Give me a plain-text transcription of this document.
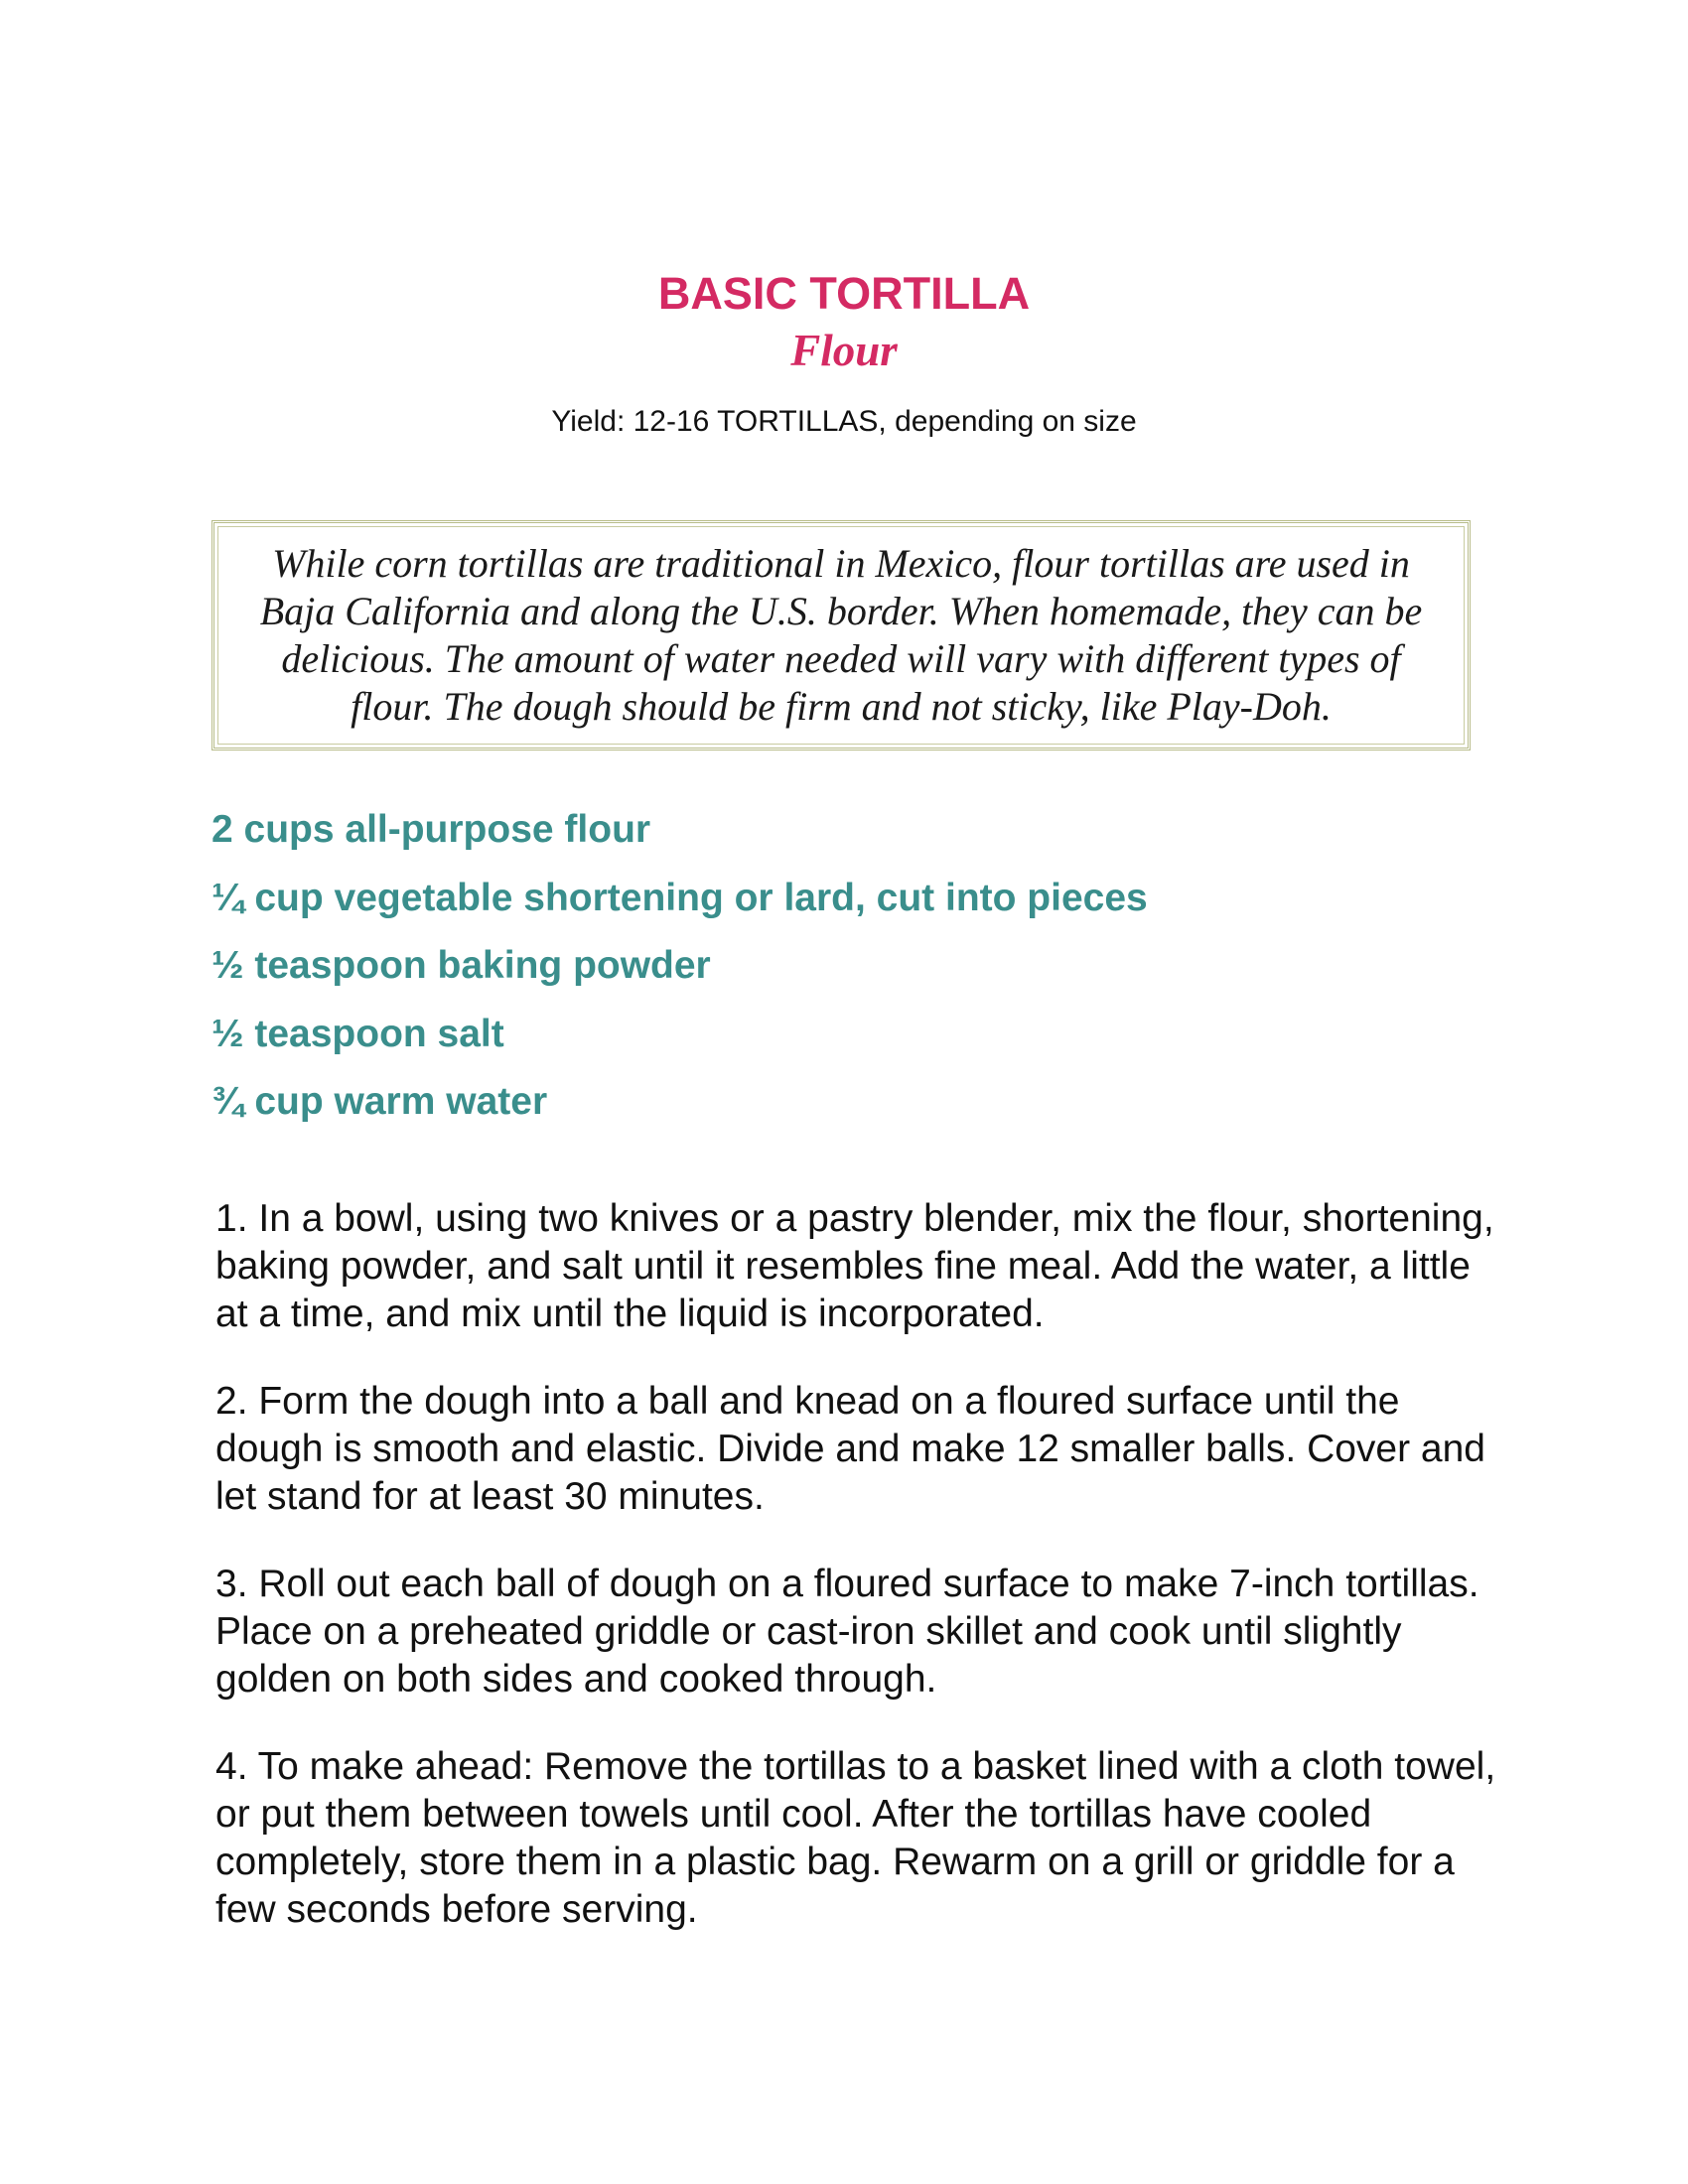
BASIC TORTILLA
Flour
Yield: 12-16 TORTILLAS, depending on size

While corn tortillas are traditional in Mexico, flour tortillas are used in Baja California and along the U.S. border. When homemade, they can be delicious. The amount of water needed will vary with different types of flour. The dough should be firm and not sticky, like Play-Doh.

2 cups all-purpose flour
¼ cup vegetable shortening or lard, cut into pieces
½ teaspoon baking powder
½ teaspoon salt
¾ cup warm water

1. In a bowl, using two knives or a pastry blender, mix the flour, shortening, baking powder, and salt until it resembles fine meal. Add the water, a little at a time, and mix until the liquid is incorporated.

2. Form the dough into a ball and knead on a floured surface until the dough is smooth and elastic. Divide and make 12 smaller balls. Cover and let stand for at least 30 minutes.

3. Roll out each ball of dough on a floured surface to make 7-inch tortillas. Place on a preheated griddle or cast-iron skillet and cook until slightly golden on both sides and cooked through.

4. To make ahead: Remove the tortillas to a basket lined with a cloth towel, or put them between towels until cool. After the tortillas have cooled completely, store them in a plastic bag. Rewarm on a grill or griddle for a few seconds before serving.
